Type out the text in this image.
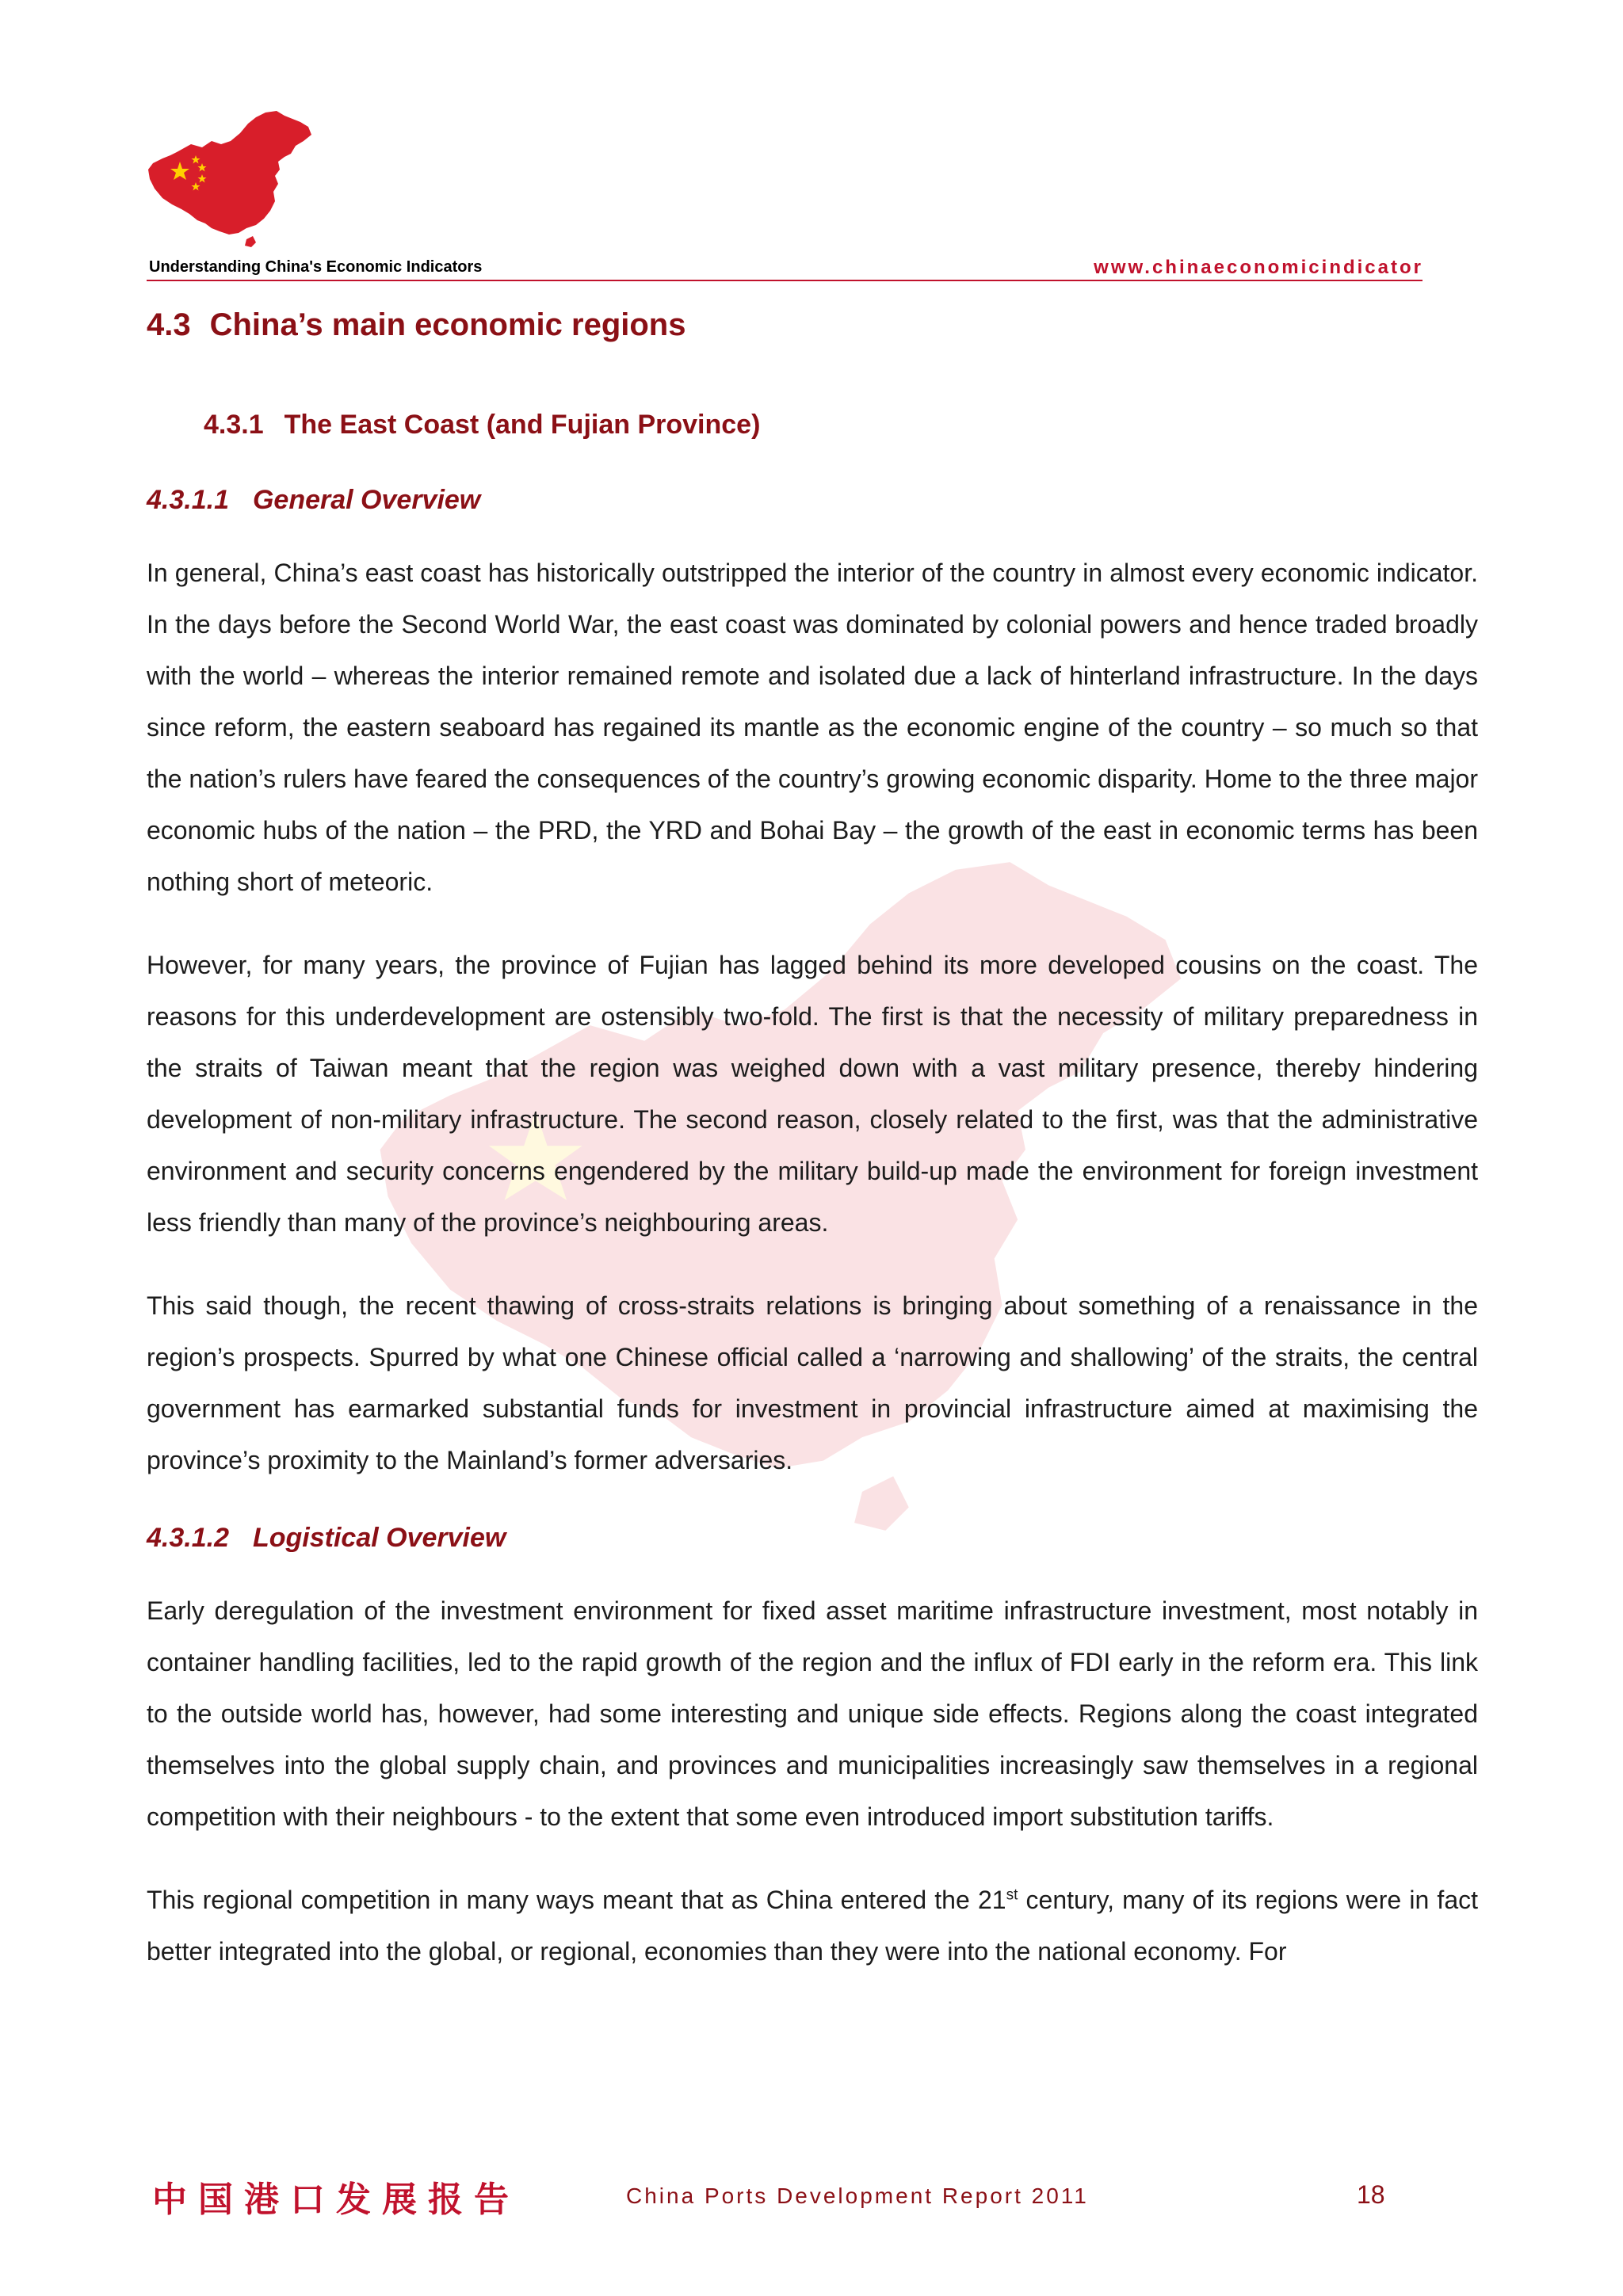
Understanding China's Economic Indicators	www.chinaeconomicindicator
4.3 China’s main economic regions
4.3.1 The East Coast (and Fujian Province)
4.3.1.1 General Overview

In general, China’s east coast has historically outstripped the interior of the country in almost every economic indicator. In the days before the Second World War, the east coast was dominated by colonial powers and hence traded broadly with the world – whereas the interior remained remote and isolated due a lack of hinterland infrastructure. In the days since reform, the eastern seaboard has regained its mantle as the economic engine of the country – so much so that the nation’s rulers have feared the consequences of the country’s growing economic disparity. Home to the three major economic hubs of the nation – the PRD, the YRD and Bohai Bay – the growth of the east in economic terms has been nothing short of meteoric.

However, for many years, the province of Fujian has lagged behind its more developed cousins on the coast. The reasons for this underdevelopment are ostensibly two-fold. The first is that the necessity of military preparedness in the straits of Taiwan meant that the region was weighed down with a vast military presence, thereby hindering development of non-military infrastructure. The second reason, closely related to the first, was that the administrative environment and security concerns engendered by the military build-up made the environment for foreign investment less friendly than many of the province’s neighbouring areas.

This said though, the recent thawing of cross-straits relations is bringing about something of a renaissance in the region’s prospects. Spurred by what one Chinese official called a ‘narrowing and shallowing’ of the straits, the central government has earmarked substantial funds for investment in provincial infrastructure aimed at maximising the province’s proximity to the Mainland’s former adversaries.

4.3.1.2 Logistical Overview

Early deregulation of the investment environment for fixed asset maritime infrastructure investment, most notably in container handling facilities, led to the rapid growth of the region and the influx of FDI early in the reform era. This link to the outside world has, however, had some interesting and unique side effects. Regions along the coast integrated themselves into the global supply chain, and provinces and municipalities increasingly saw themselves in a regional competition with their neighbours - to the extent that some even introduced import substitution tariffs.

This regional competition in many ways meant that as China entered the 21st century, many of its regions were in fact better integrated into the global, or regional, economies than they were into the national economy. For

中国港口发展报告	China Ports Development Report 2011	18
